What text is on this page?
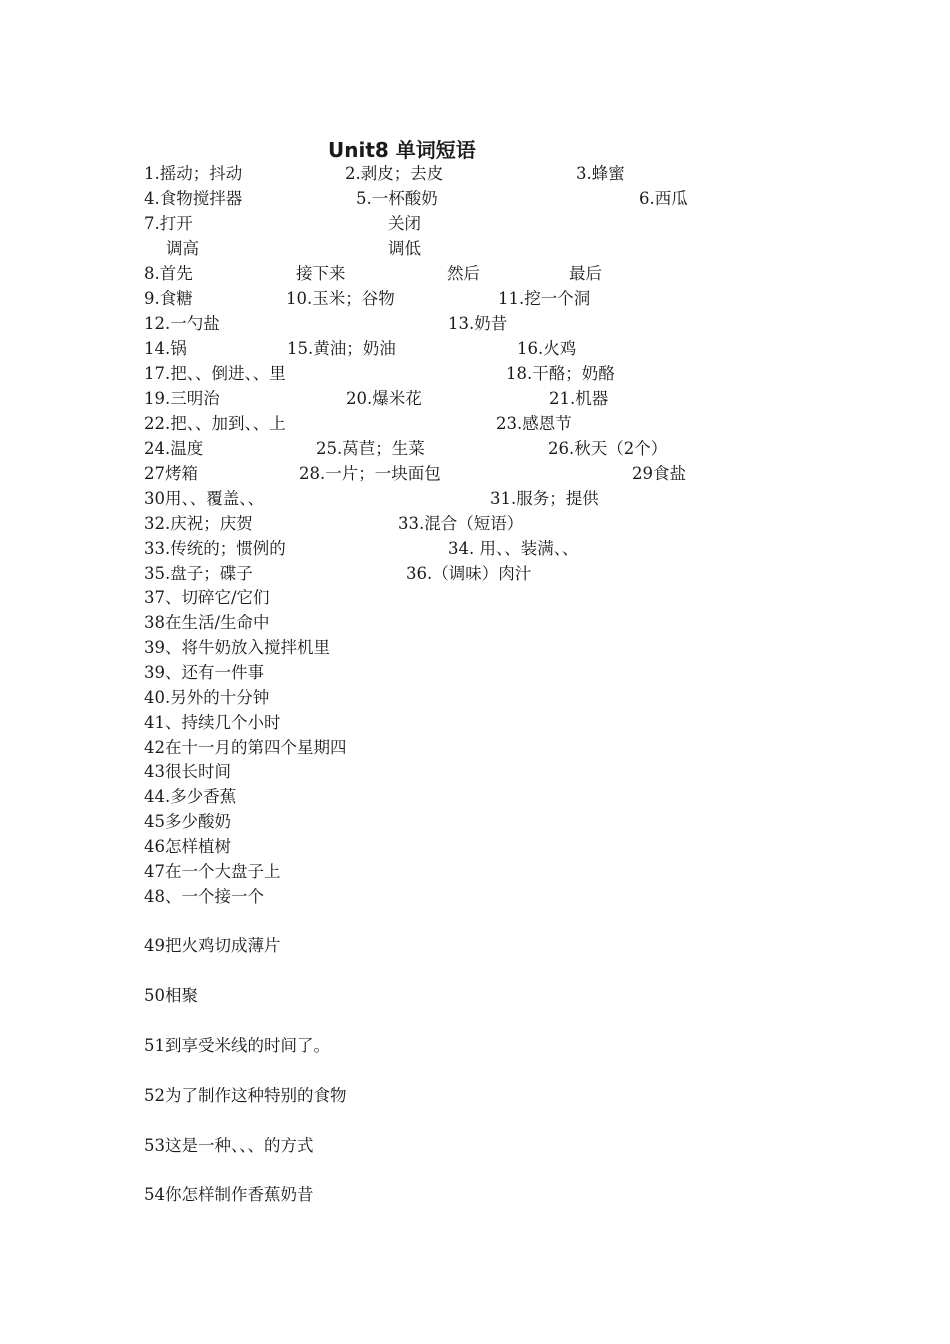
Unit8 单词短语
1.摇动；抖动	2.剥皮；去皮	3.蜂蜜
4.食物搅拌器	5.一杯酸奶	6.西瓜
7.打开	关闭
调高	调低
8.首先	接下来	然后	最后
9.食糖	10.玉米；谷物	11.挖一个洞
12.一勺盐	13.奶昔
14.锅	15.黄油；奶油	16.火鸡
17.把、、倒进、、里	18.干酪；奶酪
19.三明治	20.爆米花	21.机器
22.把、、加到、、上	23.感恩节
24.温度	25.莴苣；生菜	26.秋天（2个）
27烤箱	28.一片；一块面包	29食盐
30用、、覆盖、、	31.服务；提供
32.庆祝；庆贺	33.混合（短语）
33.传统的；惯例的	34. 用、、装满、、
35.盘子；碟子	36.（调味）肉汁
37、切碎它/它们
38在生活/生命中
39、将牛奶放入搅拌机里
39、还有一件事
40.另外的十分钟
41、持续几个小时
42在十一月的第四个星期四
43很长时间
44.多少香蕉
45多少酸奶
46怎样植树
47在一个大盘子上
48、一个接一个
49把火鸡切成薄片
50相聚
51到享受米线的时间了。
52为了制作这种特别的食物
53这是一种、、、的方式
54你怎样制作香蕉奶昔
